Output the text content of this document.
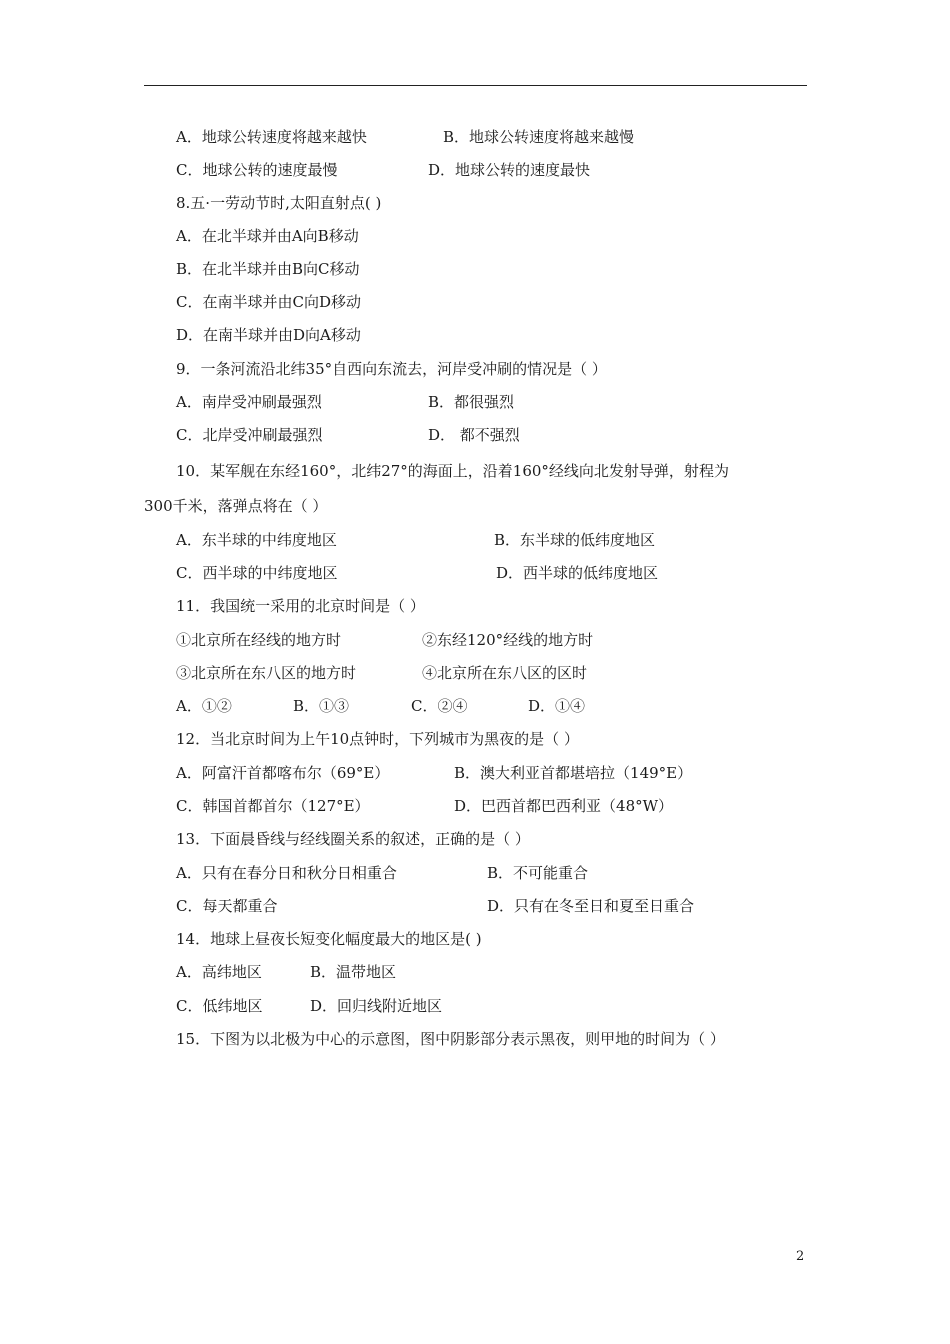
A．地球公转速度将越来越快	B．地球公转速度将越来越慢
C．地球公转的速度最慢	D．地球公转的速度最快
8.五·一劳动节时,太阳直射点( )
A．在北半球并由A向B移动
B．在北半球并由B向C移动
C．在南半球并由C向D移动
D．在南半球并由D向A移动
9．一条河流沿北纬35°自西向东流去，河岸受冲刷的情况是（ ）
A．南岸受冲刷最强烈	B．都很强烈
C．北岸受冲刷最强烈	D． 都不强烈
10．某军舰在东经160°，北纬27°的海面上，沿着160°经线向北发射导弹，射程为
300千米，落弹点将在（ ）
A．东半球的中纬度地区	B．东半球的低纬度地区
C．西半球的中纬度地区	D．西半球的低纬度地区
11．我国统一采用的北京时间是（ ）
①北京所在经线的地方时	②东经120°经线的地方时
③北京所在东八区的地方时	④北京所在东八区的区时
A．①②	B．①③	C．②④	D．①④
12．当北京时间为上午10点钟时，下列城市为黑夜的是（ ）
A．阿富汗首都喀布尔（69°E）	B．澳大利亚首都堪培拉（149°E）
C．韩国首都首尔（127°E）	D．巴西首都巴西利亚（48°W）
13．下面晨昏线与经线圈关系的叙述，正确的是（ ）
A．只有在春分日和秋分日相重合	B．不可能重合
C．每天都重合	D．只有在冬至日和夏至日重合
14．地球上昼夜长短变化幅度最大的地区是( )
A．高纬地区	B．温带地区
C．低纬地区	D．回归线附近地区
15．下图为以北极为中心的示意图，图中阴影部分表示黑夜，则甲地的时间为（ ）
2
